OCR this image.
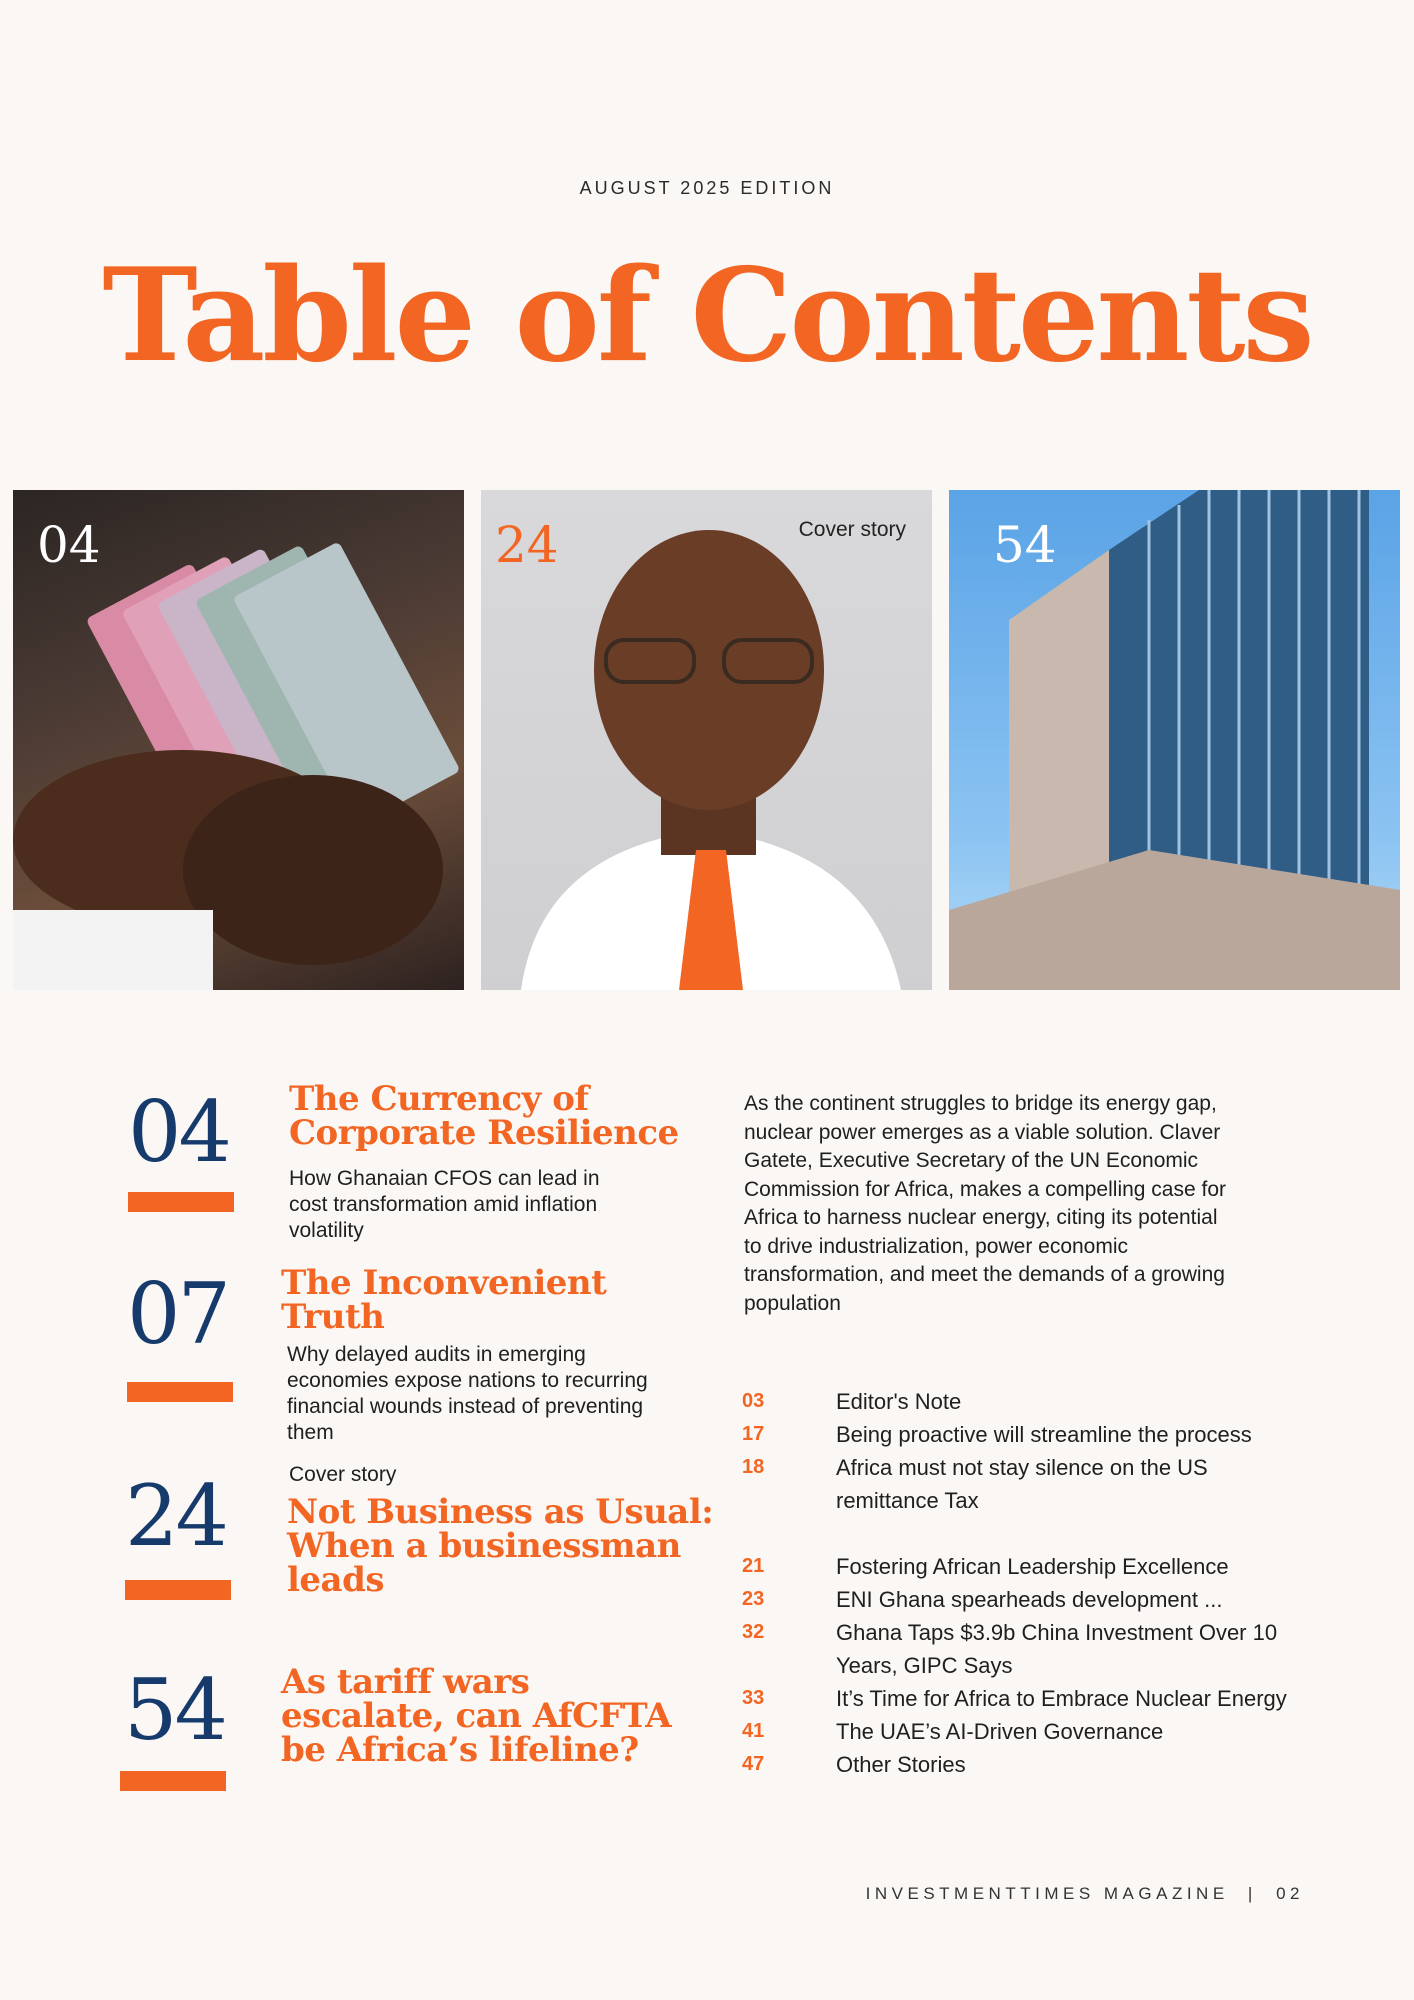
AUGUST 2025 EDITION
Table of Contents
04	24	Cover story 54
04 The Currency of
Corporate Resilience
How Ghanaian CFOS can lead in
cost transformation amid inflation
volatility
07 The Inconvenient
Truth
Why delayed audits in emerging
economies expose nations to recurring
financial wounds instead of preventing
them
24	Cover story
Not Business as Usual:
When a businessman
leads
54 As tariff wars
escalate, can AfCFTA
be Africa’s lifeline?
As the continent struggles to bridge its energy gap,
nuclear power emerges as a viable solution. Claver
Gatete, Executive Secretary of the UN Economic
Commission for Africa, makes a compelling case for
Africa to harness nuclear energy, citing its potential
to drive industrialization, power economic
transformation, and meet the demands of a growing
population
03	Editor's Note
17	Being proactive will streamline the process
18	Africa must not stay silence on the US
remittance Tax
21	Fostering African Leadership Excellence
23	ENI Ghana spearheads development ...
32	Ghana Taps $3.9b China Investment Over 10
Years, GIPC Says
33	It’s Time for Africa to Embrace Nuclear Energy
41	The UAE’s AI-Driven Governance
47	Other Stories
INVESTMENTTIMES MAGAZINE | 02
